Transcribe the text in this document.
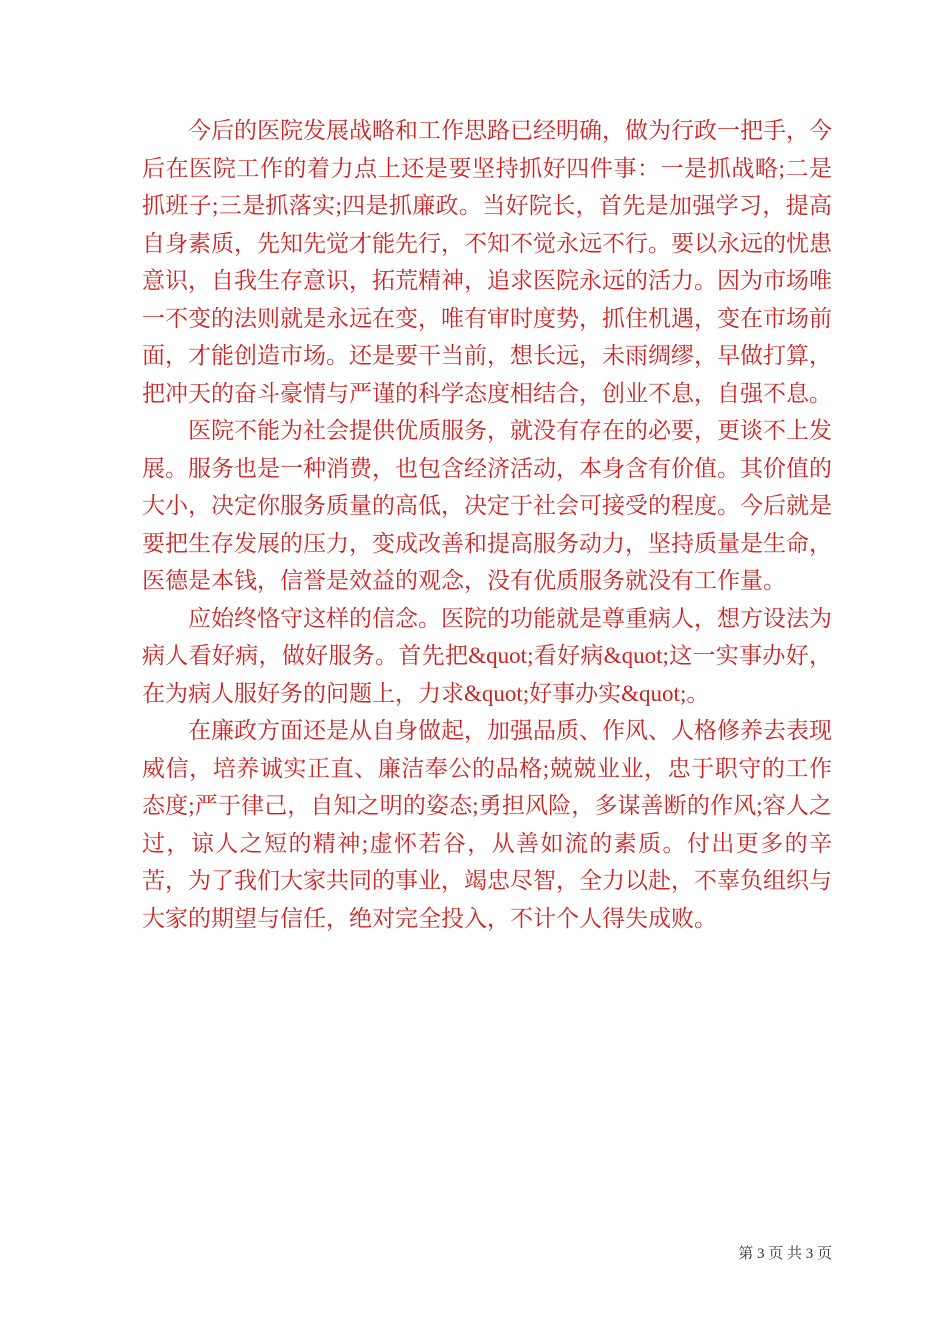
今后的医院发展战略和工作思路已经明确，做为行政一把手，今后在医院工作的着力点上还是要坚持抓好四件事：一是抓战略;二是抓班子;三是抓落实;四是抓廉政。当好院长，首先是加强学习，提高自身素质，先知先觉才能先行，不知不觉永远不行。要以永远的忧患意识，自我生存意识，拓荒精神，追求医院永远的活力。因为市场唯一不变的法则就是永远在变，唯有审时度势，抓住机遇，变在市场前面，才能创造市场。还是要干当前，想长远，未雨绸缪，早做打算，把冲天的奋斗豪情与严谨的科学态度相结合，创业不息，自强不息。

医院不能为社会提供优质服务，就没有存在的必要，更谈不上发展。服务也是一种消费，也包含经济活动，本身含有价值。其价值的大小，决定你服务质量的高低，决定于社会可接受的程度。今后就是要把生存发展的压力，变成改善和提高服务动力，坚持质量是生命，医德是本钱，信誉是效益的观念，没有优质服务就没有工作量。

应始终恪守这样的信念。医院的功能就是尊重病人，想方设法为病人看好病，做好服务。首先把&quot;看好病&quot;这一实事办好，在为病人服好务的问题上，力求&quot;好事办实&quot;。

在廉政方面还是从自身做起，加强品质、作风、人格修养去表现威信，培养诚实正直、廉洁奉公的品格;兢兢业业，忠于职守的工作态度;严于律己，自知之明的姿态;勇担风险，多谋善断的作风;容人之过，谅人之短的精神;虚怀若谷，从善如流的素质。付出更多的辛苦，为了我们大家共同的事业，竭忠尽智，全力以赴，不辜负组织与大家的期望与信任，绝对完全投入，不计个人得失成败。

第 3 页 共 3 页
